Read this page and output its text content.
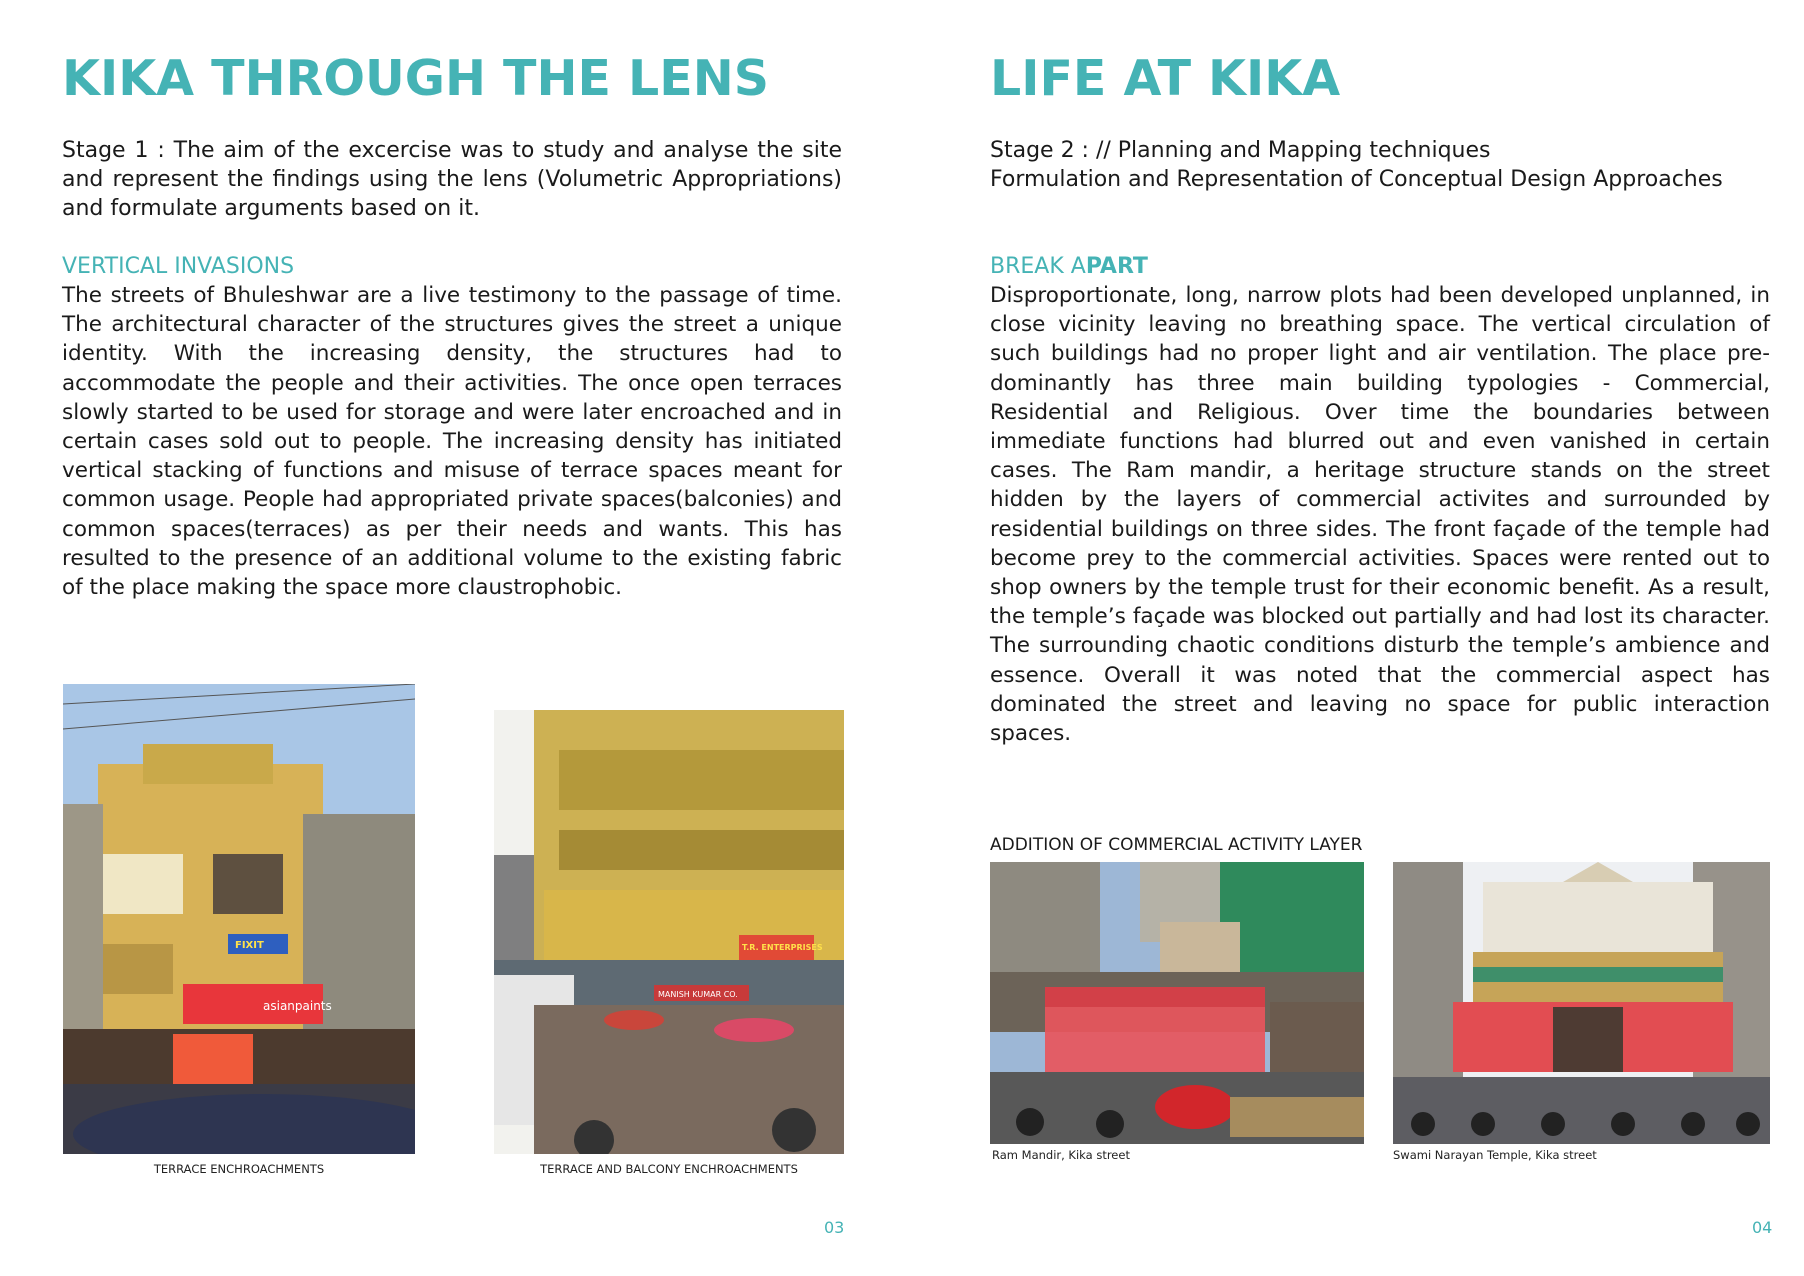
KIKA THROUGH THE LENS
Stage 1 : The aim of the excercise was to study and analyse the site and represent the findings using the lens (Volumetric Appropriations) and formulate arguments based on it.
VERTICAL INVASIONS
The streets of Bhuleshwar are a live testimony to the passage of time. The architectural character of the structures gives the street a unique identity. With the increasing density, the structures had to accommodate the people and their activities. The once open terraces slowly started to be used for storage and were later encroached and in certain cases sold out to people. The increasing density has initiated vertical stacking of functions and misuse of terrace spaces meant for common usage. People had appropriated private spaces(balconies) and common spaces(terraces) as per their needs and wants. This has resulted to the presence of an additional volume to the existing fabric of the place making the space more claustrophobic.
FIXIT
asianpaints
TERRACE ENCHROACHMENTS
T.R. ENTERPRISES
MANISH KUMAR CO.
TERRACE AND BALCONY ENCHROACHMENTS
03
LIFE AT KIKA
Stage 2 : // Planning and Mapping techniques
Formulation and Representation of Conceptual Design Approaches
BREAK APART
Disproportionate, long, narrow plots had been developed unplanned, in close vicinity leaving no breathing space. The vertical circulation of such buildings had no proper light and air ventilation. The place pre-dominantly has three main building typologies - Commercial, Residential and Religious. Over time the boundaries between immediate functions had blurred out and even vanished in certain cases. The Ram mandir, a heritage structure stands on the street hidden by the layers of commercial activites and surrounded by residential buildings on three sides. The front façade of the temple had become prey to the commercial activities. Spaces were rented out to shop owners by the temple trust for their economic benefit. As a result, the temple’s façade was blocked out partially and had lost its character. The surrounding chaotic conditions disturb the temple’s ambience and essence. Overall it was noted that the commercial aspect has dominated the street and leaving no space for public interaction spaces.
ADDITION OF COMMERCIAL ACTIVITY LAYER
Ram Mandir, Kika street	Swami Narayan Temple, Kika street
04
